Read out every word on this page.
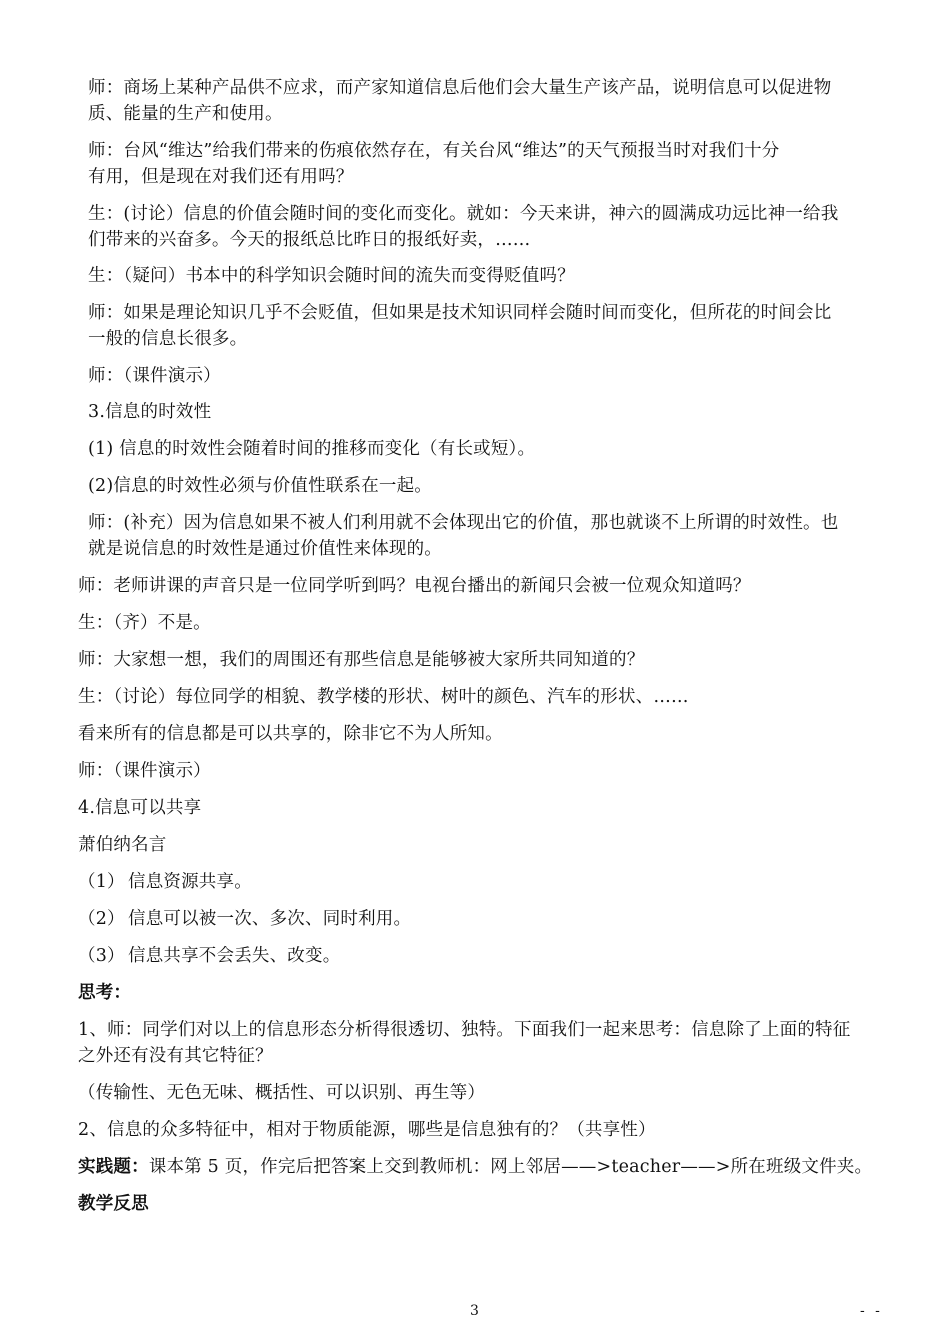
师：商场上某种产品供不应求，而产家知道信息后他们会大量生产该产品，说明信息可以促进物
质、能量的生产和使用。
师：台风“维达”给我们带来的伤痕依然存在，有关台风“维达”的天气预报当时对我们十分
有用，但是现在对我们还有用吗？
生：(讨论）信息的价值会随时间的变化而变化。就如：今天来讲，神六的圆满成功远比神一给我
们带来的兴奋多。今天的报纸总比昨日的报纸好卖，……
生：（疑问）书本中的科学知识会随时间的流失而变得贬值吗？
师：如果是理论知识几乎不会贬值，但如果是技术知识同样会随时间而变化，但所花的时间会比
一般的信息长很多。
师：（课件演示）
3.信息的时效性
(1) 信息的时效性会随着时间的推移而变化（有长或短）。
(2)信息的时效性必须与价值性联系在一起。
师：(补充）因为信息如果不被人们利用就不会体现出它的价值，那也就谈不上所谓的时效性。也
就是说信息的时效性是通过价值性来体现的。
师：老师讲课的声音只是一位同学听到吗？电视台播出的新闻只会被一位观众知道吗？
生：（齐）不是。
师：大家想一想，我们的周围还有那些信息是能够被大家所共同知道的？
生：（讨论）每位同学的相貌、教学楼的形状、树叶的颜色、汽车的形状、……
看来所有的信息都是可以共享的，除非它不为人所知。
师：（课件演示）
4.信息可以共享
萧伯纳名言
（1） 信息资源共享。
（2） 信息可以被一次、多次、同时利用。
（3） 信息共享不会丢失、改变。
思考：
1、师：同学们对以上的信息形态分析得很透切、独特。下面我们一起来思考：信息除了上面的特征
之外还有没有其它特征？
（传输性、无色无味、概括性、可以识别、再生等）
2、信息的众多特征中，相对于物质能源，哪些是信息独有的？（共享性）
实践题：课本第 5 页，作完后把答案上交到教师机：网上邻居——>teacher——>所在班级文件夹。
教学反思
3	- -
